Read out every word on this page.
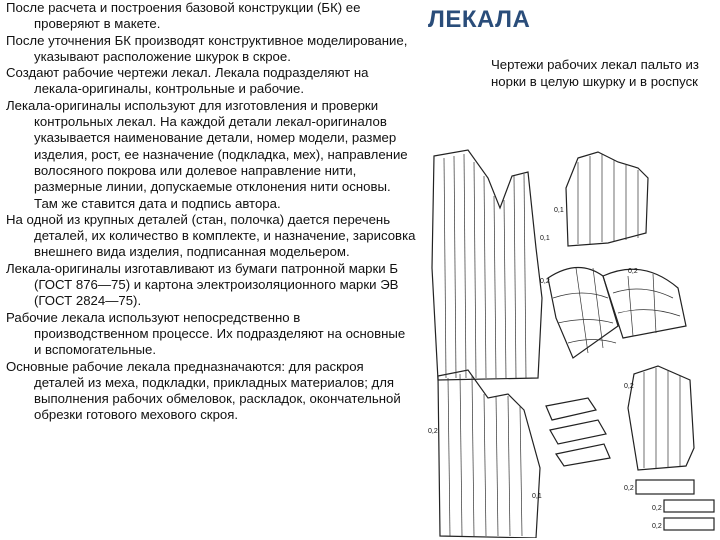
После расчета и построения базовой конструкции (БК) ее проверяют в макете.

После уточнения БК производят конструктивное моделирование, указывают расположение шкурок в скрое.

Создают рабочие чертежи лекал. Лекала подразделяют на лекала-оригиналы, контрольные и рабочие.

Лекала-оригиналы используют для изготовления и проверки контрольных лекал. На каждой детали лекал-оригиналов указывается наименование детали, номер модели, размер изделия, рост, ее назначение (подкладка, мех), направление волосяного покрова или долевое направление нити, размерные линии, допускаемые отклонения нити основы. Там же ставится дата и подпись автора.

На одной из крупных деталей (стан, полочка) дается перечень деталей, их количество в комплекте, и назначение, зарисовка внешнего вида изделия, подписанная модельером.

Лекала-оригиналы изготавливают из бумаги патронной марки Б (ГОСТ 876—75) и картона электроизоляционного марки ЭВ (ГОСТ 2824—75).

Рабочие лекала используют непосредственно в производственном процессе. Их подразделяют на основные и вспомогательные.

Основные рабочие лекала предназначаются: для раскроя деталей из меха, подкладки, прикладных материалов; для выполнения рабочих обмеловок, раскладок, окончательной обрезки готового мехового скроя.

ЛЕКАЛА
Чертежи рабочих лекал пальто из норки в целую шкурку и в роспуск
0,1
0,1
0,2
0,2
0,2
0,2
0,2
0,2
0,2
0,1
